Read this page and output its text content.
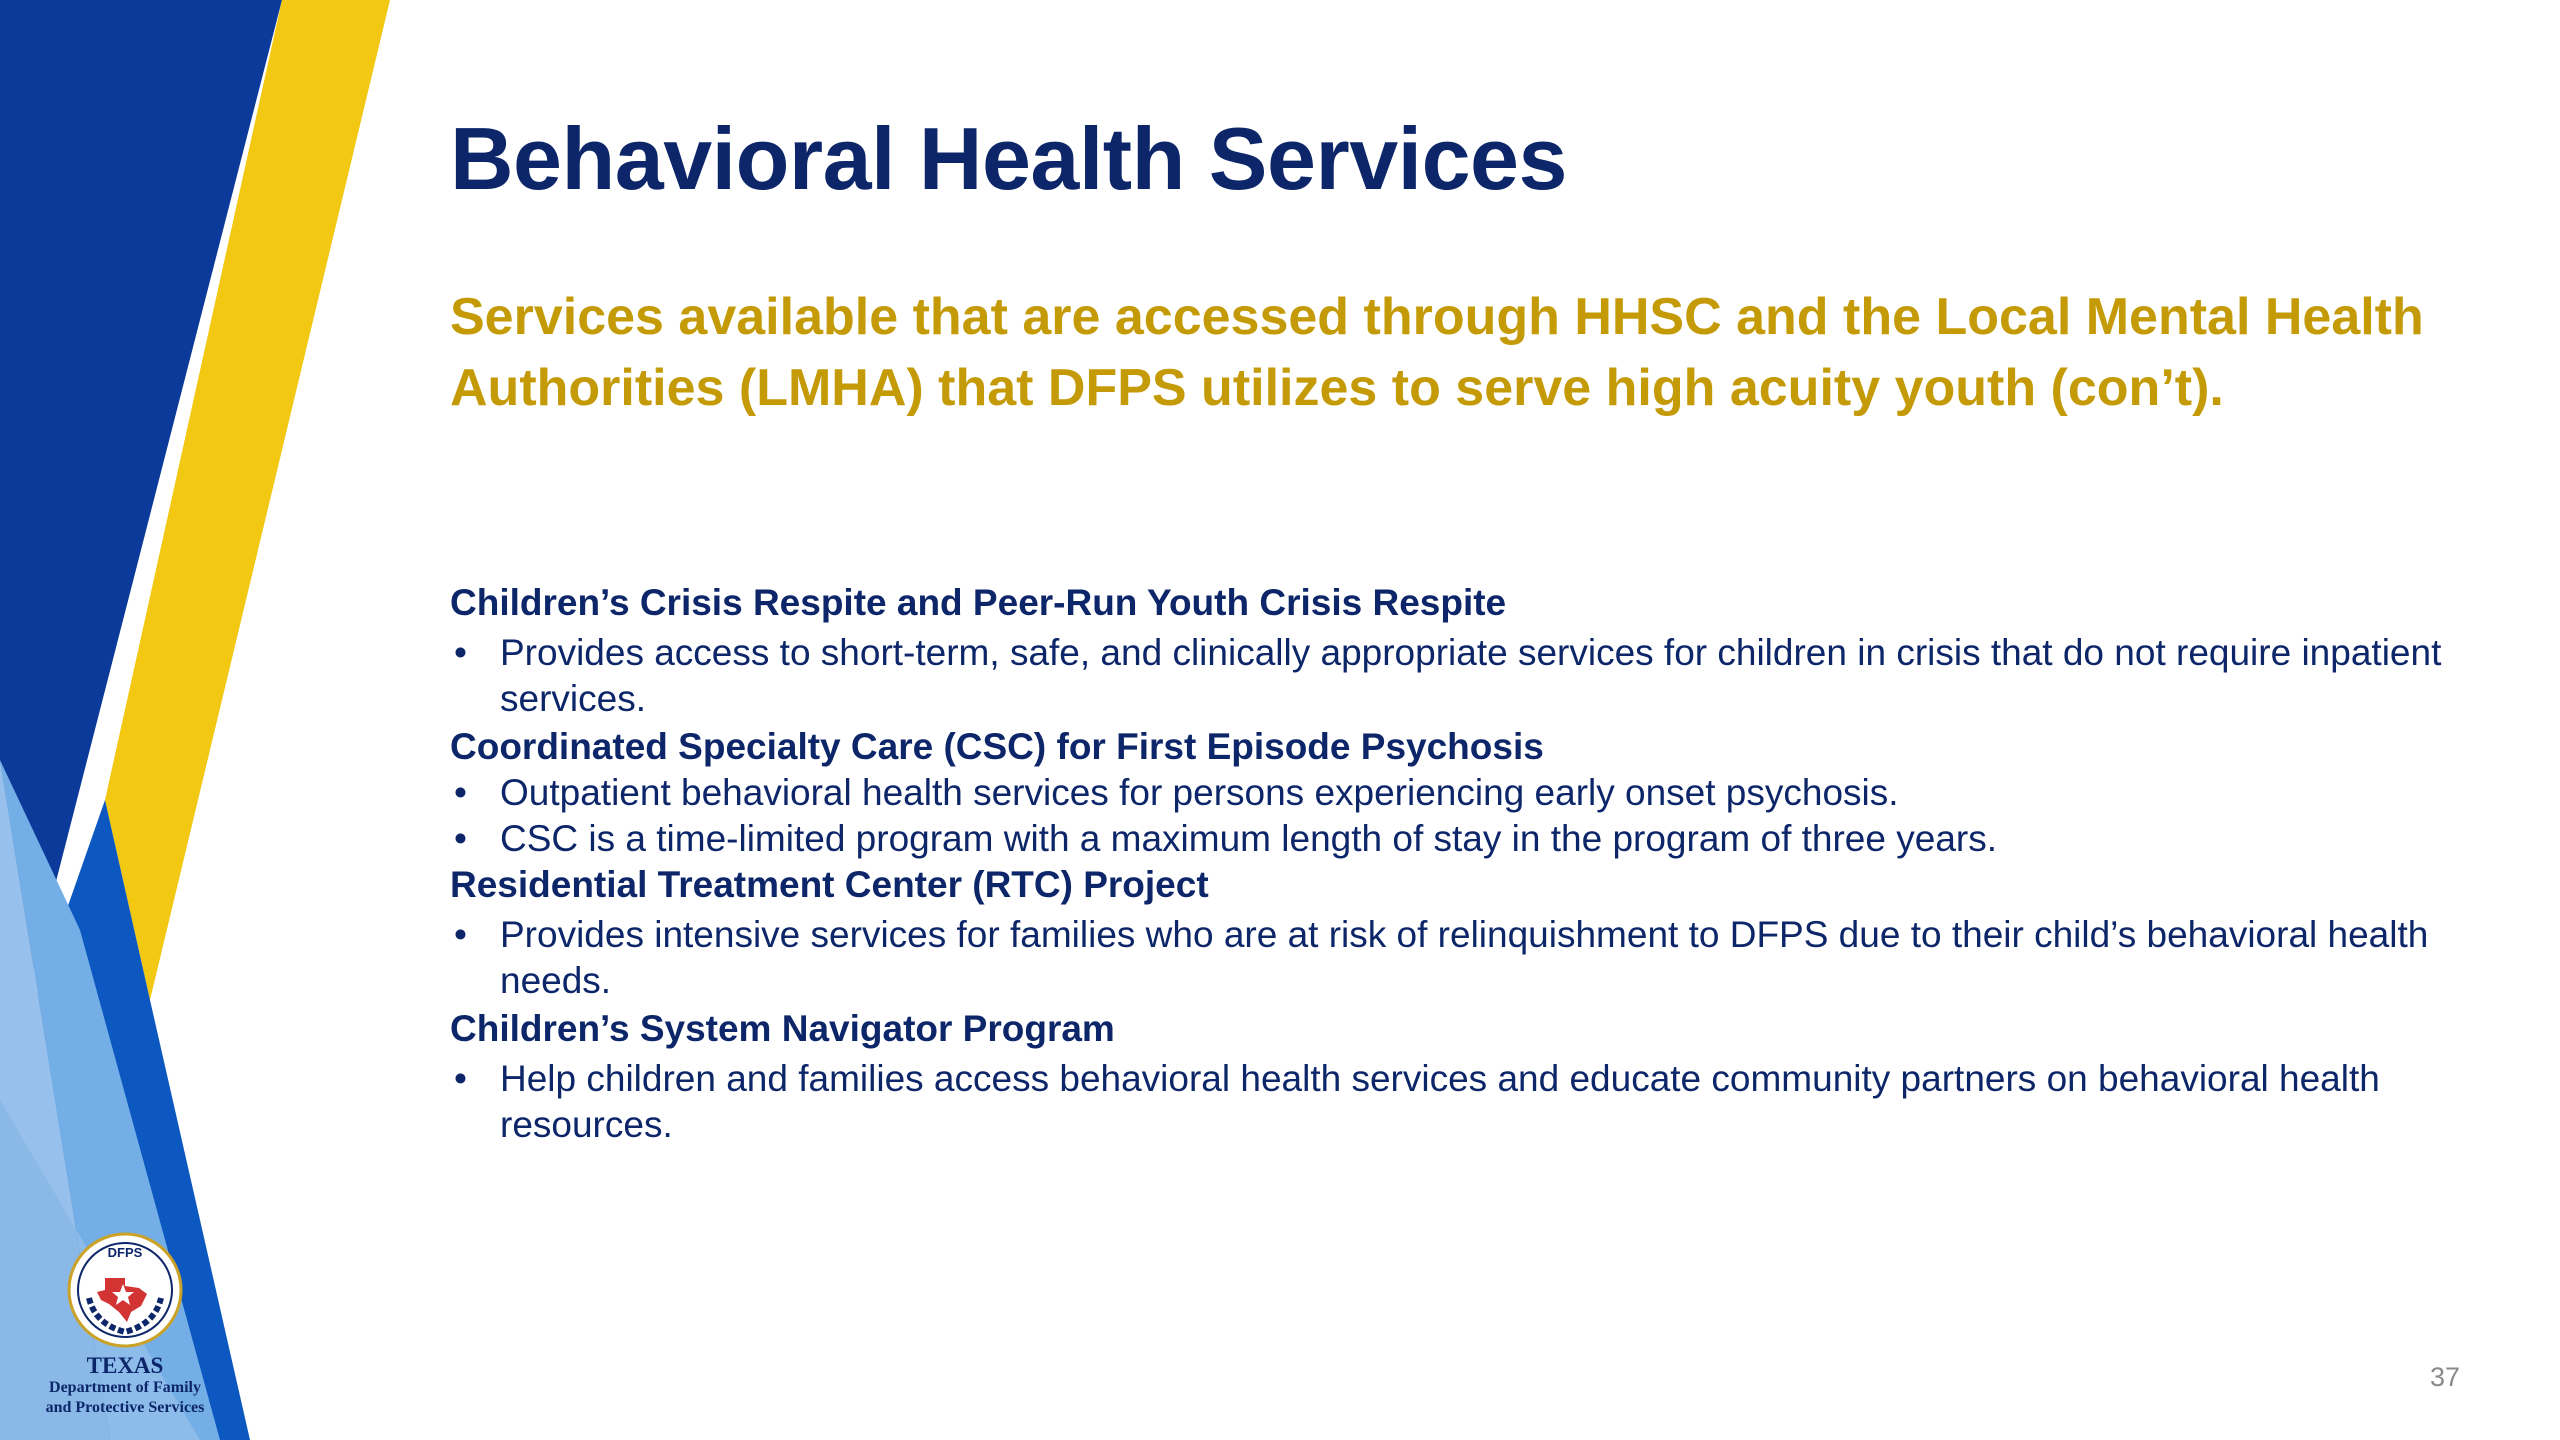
Behavioral Health Services

Services available that are accessed through HHSC and the Local Mental Health Authorities (LMHA) that DFPS utilizes to serve high acuity youth (con’t).

Children’s Crisis Respite and Peer-Run Youth Crisis Respite

• Provides access to short-term, safe, and clinically appropriate services for children in crisis that do not require inpatient services.

Coordinated Specialty Care (CSC) for First Episode Psychosis

• Outpatient behavioral health services for persons experiencing early onset psychosis.
• CSC is a time-limited program with a maximum length of stay in the program of three years.

Residential Treatment Center (RTC) Project

• Provides intensive services for families who are at risk of relinquishment to DFPS due to their child’s behavioral health needs.

Children’s System Navigator Program

• Help children and families access behavioral health services and educate community partners on behavioral health resources.
37
DFPS
TEXAS
Department of Family
and Protective Services
